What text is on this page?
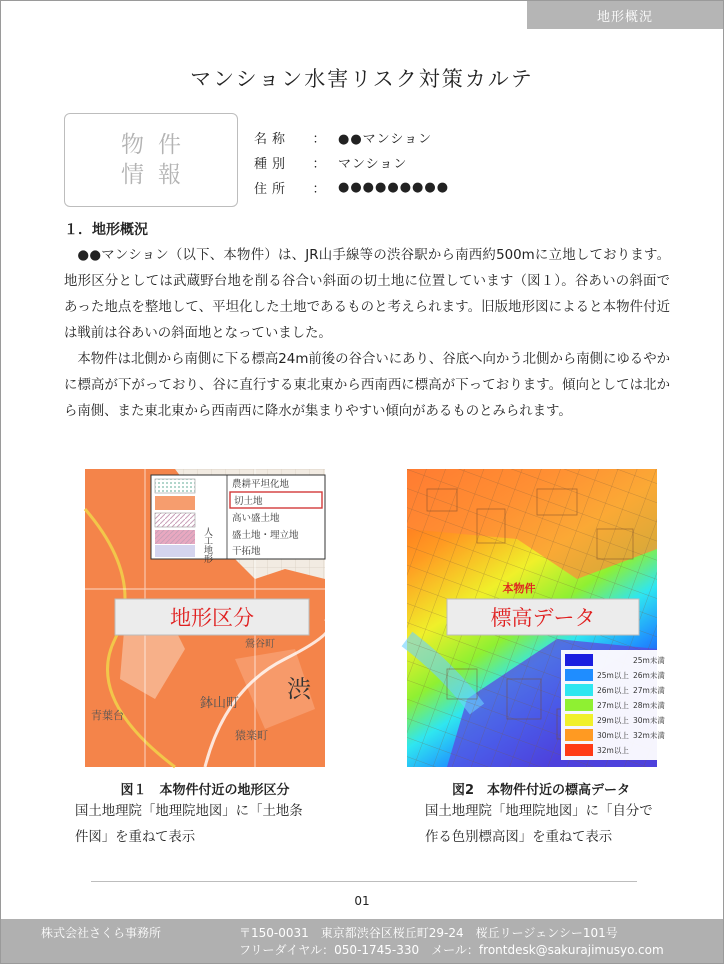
地形概況
マンション水害リスク対策カルテ
物件
情報
名称	： ●●マンション
種別	： マンション
住所	： ●●●●●●●●●
１．地形概況

●●マンション（以下、本物件）は、JR山手線等の渋谷駅から南西約500mに立地しております。地形区分としては武蔵野台地を削る谷合い斜面の切土地に位置しています（図１）。谷あいの斜面であった地点を整地して、平坦化した土地であるものと考えられます。旧版地形図によると本物件付近は戦前は谷あいの斜面地となっていました。

本物件は北側から南側に下る標高24m前後の谷合いにあり、谷底へ向かう北側から南側にゆるやかに標高が下がっており、谷に直行する東北東から西南西に標高が下っております。傾向としては北から南側、また東北東から西南西に降水が集まりやすい傾向があるものとみられます。

鉢山町
猿楽町
渋
青葉台
鶯谷町
人工地形
農耕平坦化地
切土地
高い盛土地
盛土地・埋立地
干拓地
地形区分
本物件
標高データ
25m未満
25m以上 26m未満
26m以上 27m未満
27m以上 28m未満
29m以上 30m未満
30m以上 32m未満
32m以上
図１　本物件付近の地形区分
国土地理院「地理院地図」に「土地条
件図」を重ねて表示
図2　本物件付近の標高データ
国土地理院「地理院地図」に「自分で
作る色別標高図」を重ねて表示
01
株式会社さくら事務所	〒150-0031　東京都渋谷区桜丘町29-24　桜丘リージェンシー101号
フリーダイヤル：050-1745-330　メール：frontdesk@sakurajimusyo.com
